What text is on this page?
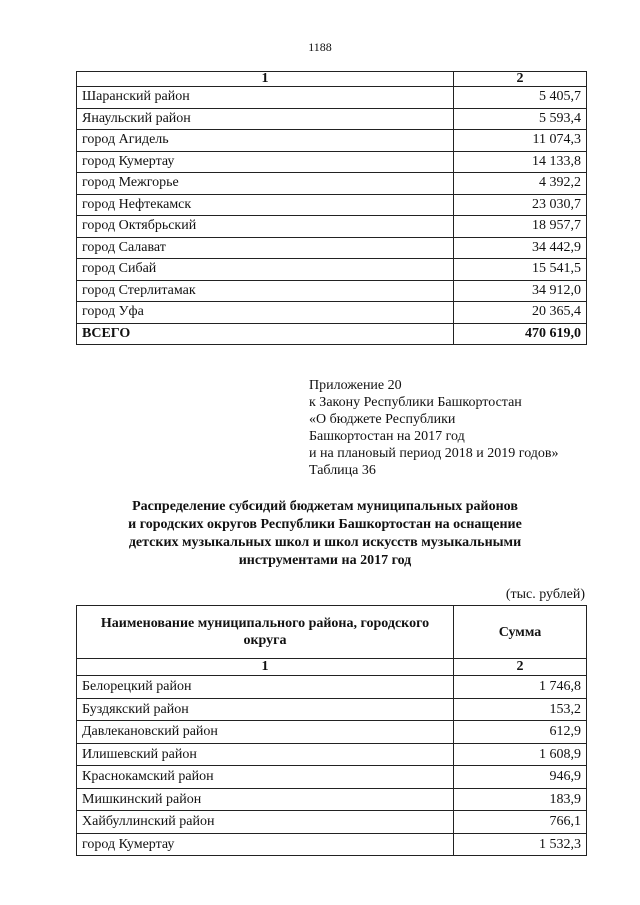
1188
1	2
Шаранский район	5 405,7
Янаульский район	5 593,4
город Агидель	11 074,3
город Кумертау	14 133,8
город Межгорье	4 392,2
город Нефтекамск	23 030,7
город Октябрьский	18 957,7
город Салават	34 442,9
город Сибай	15 541,5
город Стерлитамак	34 912,0
город Уфа	20 365,4
ВСЕГО	470 619,0
Приложение 20
к Закону Республики Башкортостан
«О бюджете Республики
Башкортостан на 2017 год
и на плановый период 2018 и 2019 годов»
Таблица 36
Распределение субсидий бюджетам муниципальных районов
и городских округов Республики Башкортостан на оснащение
детских музыкальных школ и школ искусств музыкальными
инструментами на 2017 год
(тыс. рублей)
Наименование муниципального района, городского округа	Сумма
1	2
Белорецкий район	1 746,8
Буздякский район	153,2
Давлекановский район	612,9
Илишевский район	1 608,9
Краснокамский район	946,9
Мишкинский район	183,9
Хайбуллинский район	766,1
город Кумертау	1 532,3
